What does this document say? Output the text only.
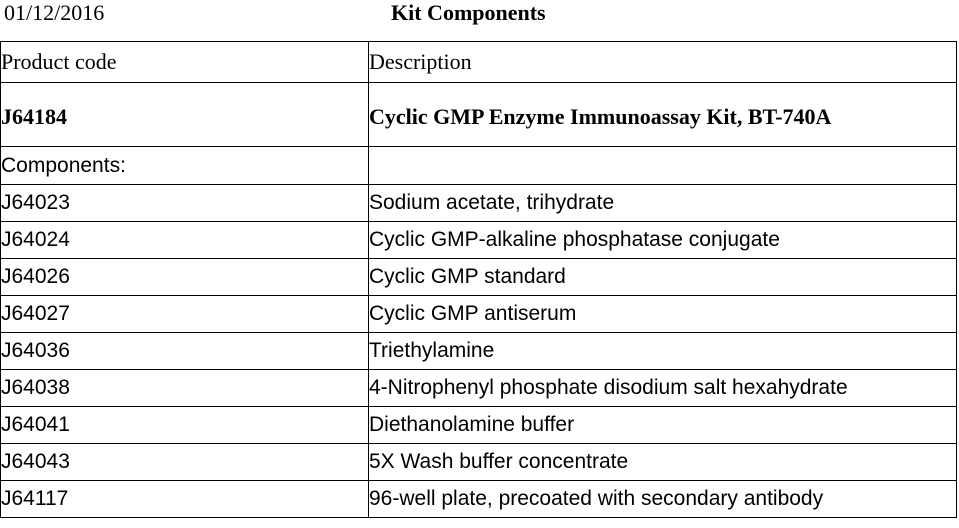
01/12/2016	Kit Components
Product code	Description
J64184	Cyclic GMP Enzyme Immunoassay Kit, BT-740A
Components:	
J64023	Sodium acetate, trihydrate
J64024	Cyclic GMP-alkaline phosphatase conjugate
J64026	Cyclic GMP standard
J64027	Cyclic GMP antiserum
J64036	Triethylamine
J64038	4-Nitrophenyl phosphate disodium salt hexahydrate
J64041	Diethanolamine buffer
J64043	5X Wash buffer concentrate
J64117	96-well plate, precoated with secondary antibody
